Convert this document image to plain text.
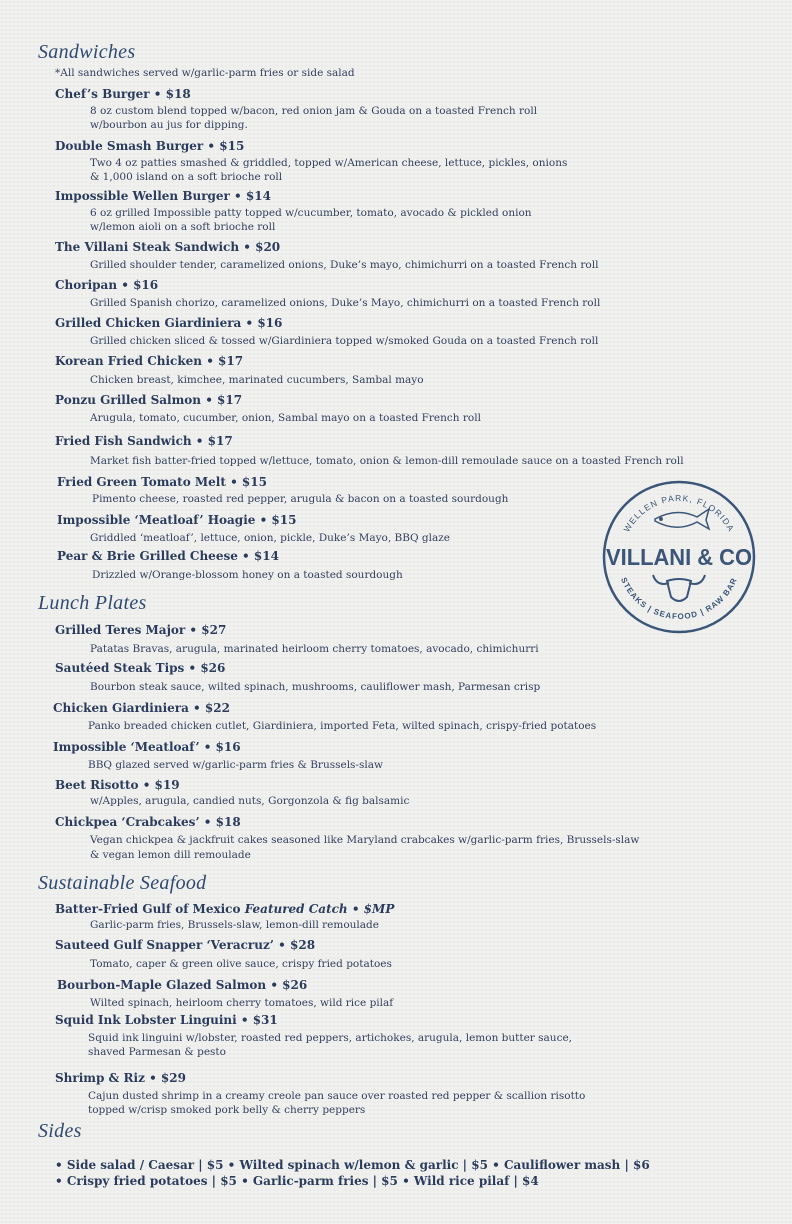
Sandwiches
*All sandwiches served w/garlic-parm fries or side salad
Chef’s Burger • $18
8 oz custom blend topped w/bacon, red onion jam & Gouda on a toasted French roll
w/bourbon au jus for dipping.
Double Smash Burger • $15
Two 4 oz patties smashed & griddled, topped w/American cheese, lettuce, pickles, onions
& 1,000 island on a soft brioche roll
Impossible Wellen Burger • $14
6 oz grilled Impossible patty topped w/cucumber, tomato, avocado & pickled onion
w/lemon aioli on a soft brioche roll
The Villani Steak Sandwich • $20
Grilled shoulder tender, caramelized onions, Duke’s mayo, chimichurri on a toasted French roll
Choripan • $16
Grilled Spanish chorizo, caramelized onions, Duke’s Mayo, chimichurri on a toasted French roll
Grilled Chicken Giardiniera • $16
Grilled chicken sliced & tossed w/Giardiniera topped w/smoked Gouda on a toasted French roll
Korean Fried Chicken • $17
Chicken breast, kimchee, marinated cucumbers, Sambal mayo
Ponzu Grilled Salmon • $17
Arugula, tomato, cucumber, onion, Sambal mayo on a toasted French roll
Fried Fish Sandwich • $17
Market fish batter-fried topped w/lettuce, tomato, onion & lemon-dill remoulade sauce on a toasted French roll
Fried Green Tomato Melt • $15
Pimento cheese, roasted red pepper, arugula & bacon on a toasted sourdough
Impossible ‘Meatloaf’ Hoagie • $15
Griddled ‘meatloaf’, lettuce, onion, pickle, Duke’s Mayo, BBQ glaze
Pear & Brie Grilled Cheese • $14
Drizzled w/Orange-blossom honey on a toasted sourdough
Lunch Plates
Grilled Teres Major • $27
Patatas Bravas, arugula, marinated heirloom cherry tomatoes, avocado, chimichurri
Sautéed Steak Tips • $26
Bourbon steak sauce, wilted spinach, mushrooms, cauliflower mash, Parmesan crisp
Chicken Giardiniera • $22
Panko breaded chicken cutlet, Giardiniera, imported Feta, wilted spinach, crispy-fried potatoes
Impossible ‘Meatloaf’ • $16
BBQ glazed served w/garlic-parm fries & Brussels-slaw
Beet Risotto • $19
w/Apples, arugula, candied nuts, Gorgonzola & fig balsamic
Chickpea ‘Crabcakes’ • $18
Vegan chickpea & jackfruit cakes seasoned like Maryland crabcakes w/garlic-parm fries, Brussels-slaw
& vegan lemon dill remoulade
Sustainable Seafood
Batter-Fried Gulf of Mexico Featured Catch • $MP
Garlic-parm fries, Brussels-slaw, lemon-dill remoulade
Sauteed Gulf Snapper ‘Veracruz’ • $28
Tomato, caper & green olive sauce, crispy fried potatoes
Bourbon-Maple Glazed Salmon • $26
Wilted spinach, heirloom cherry tomatoes, wild rice pilaf
Squid Ink Lobster Linguini • $31
Squid ink linguini w/lobster, roasted red peppers, artichokes, arugula, lemon butter sauce,
shaved Parmesan & pesto
Shrimp & Riz • $29
Cajun dusted shrimp in a creamy creole pan sauce over roasted red pepper & scallion risotto
topped w/crisp smoked pork belly & cherry peppers
Sides
• Side salad / Caesar | $5 • Wilted spinach w/lemon & garlic | $5 • Cauliflower mash | $6
• Crispy fried potatoes | $5 • Garlic-parm fries | $5 • Wild rice pilaf | $4
WELLEN PARK, FLORIDA
STEAKS | SEAFOOD | RAW BAR
VILLANI & CO
